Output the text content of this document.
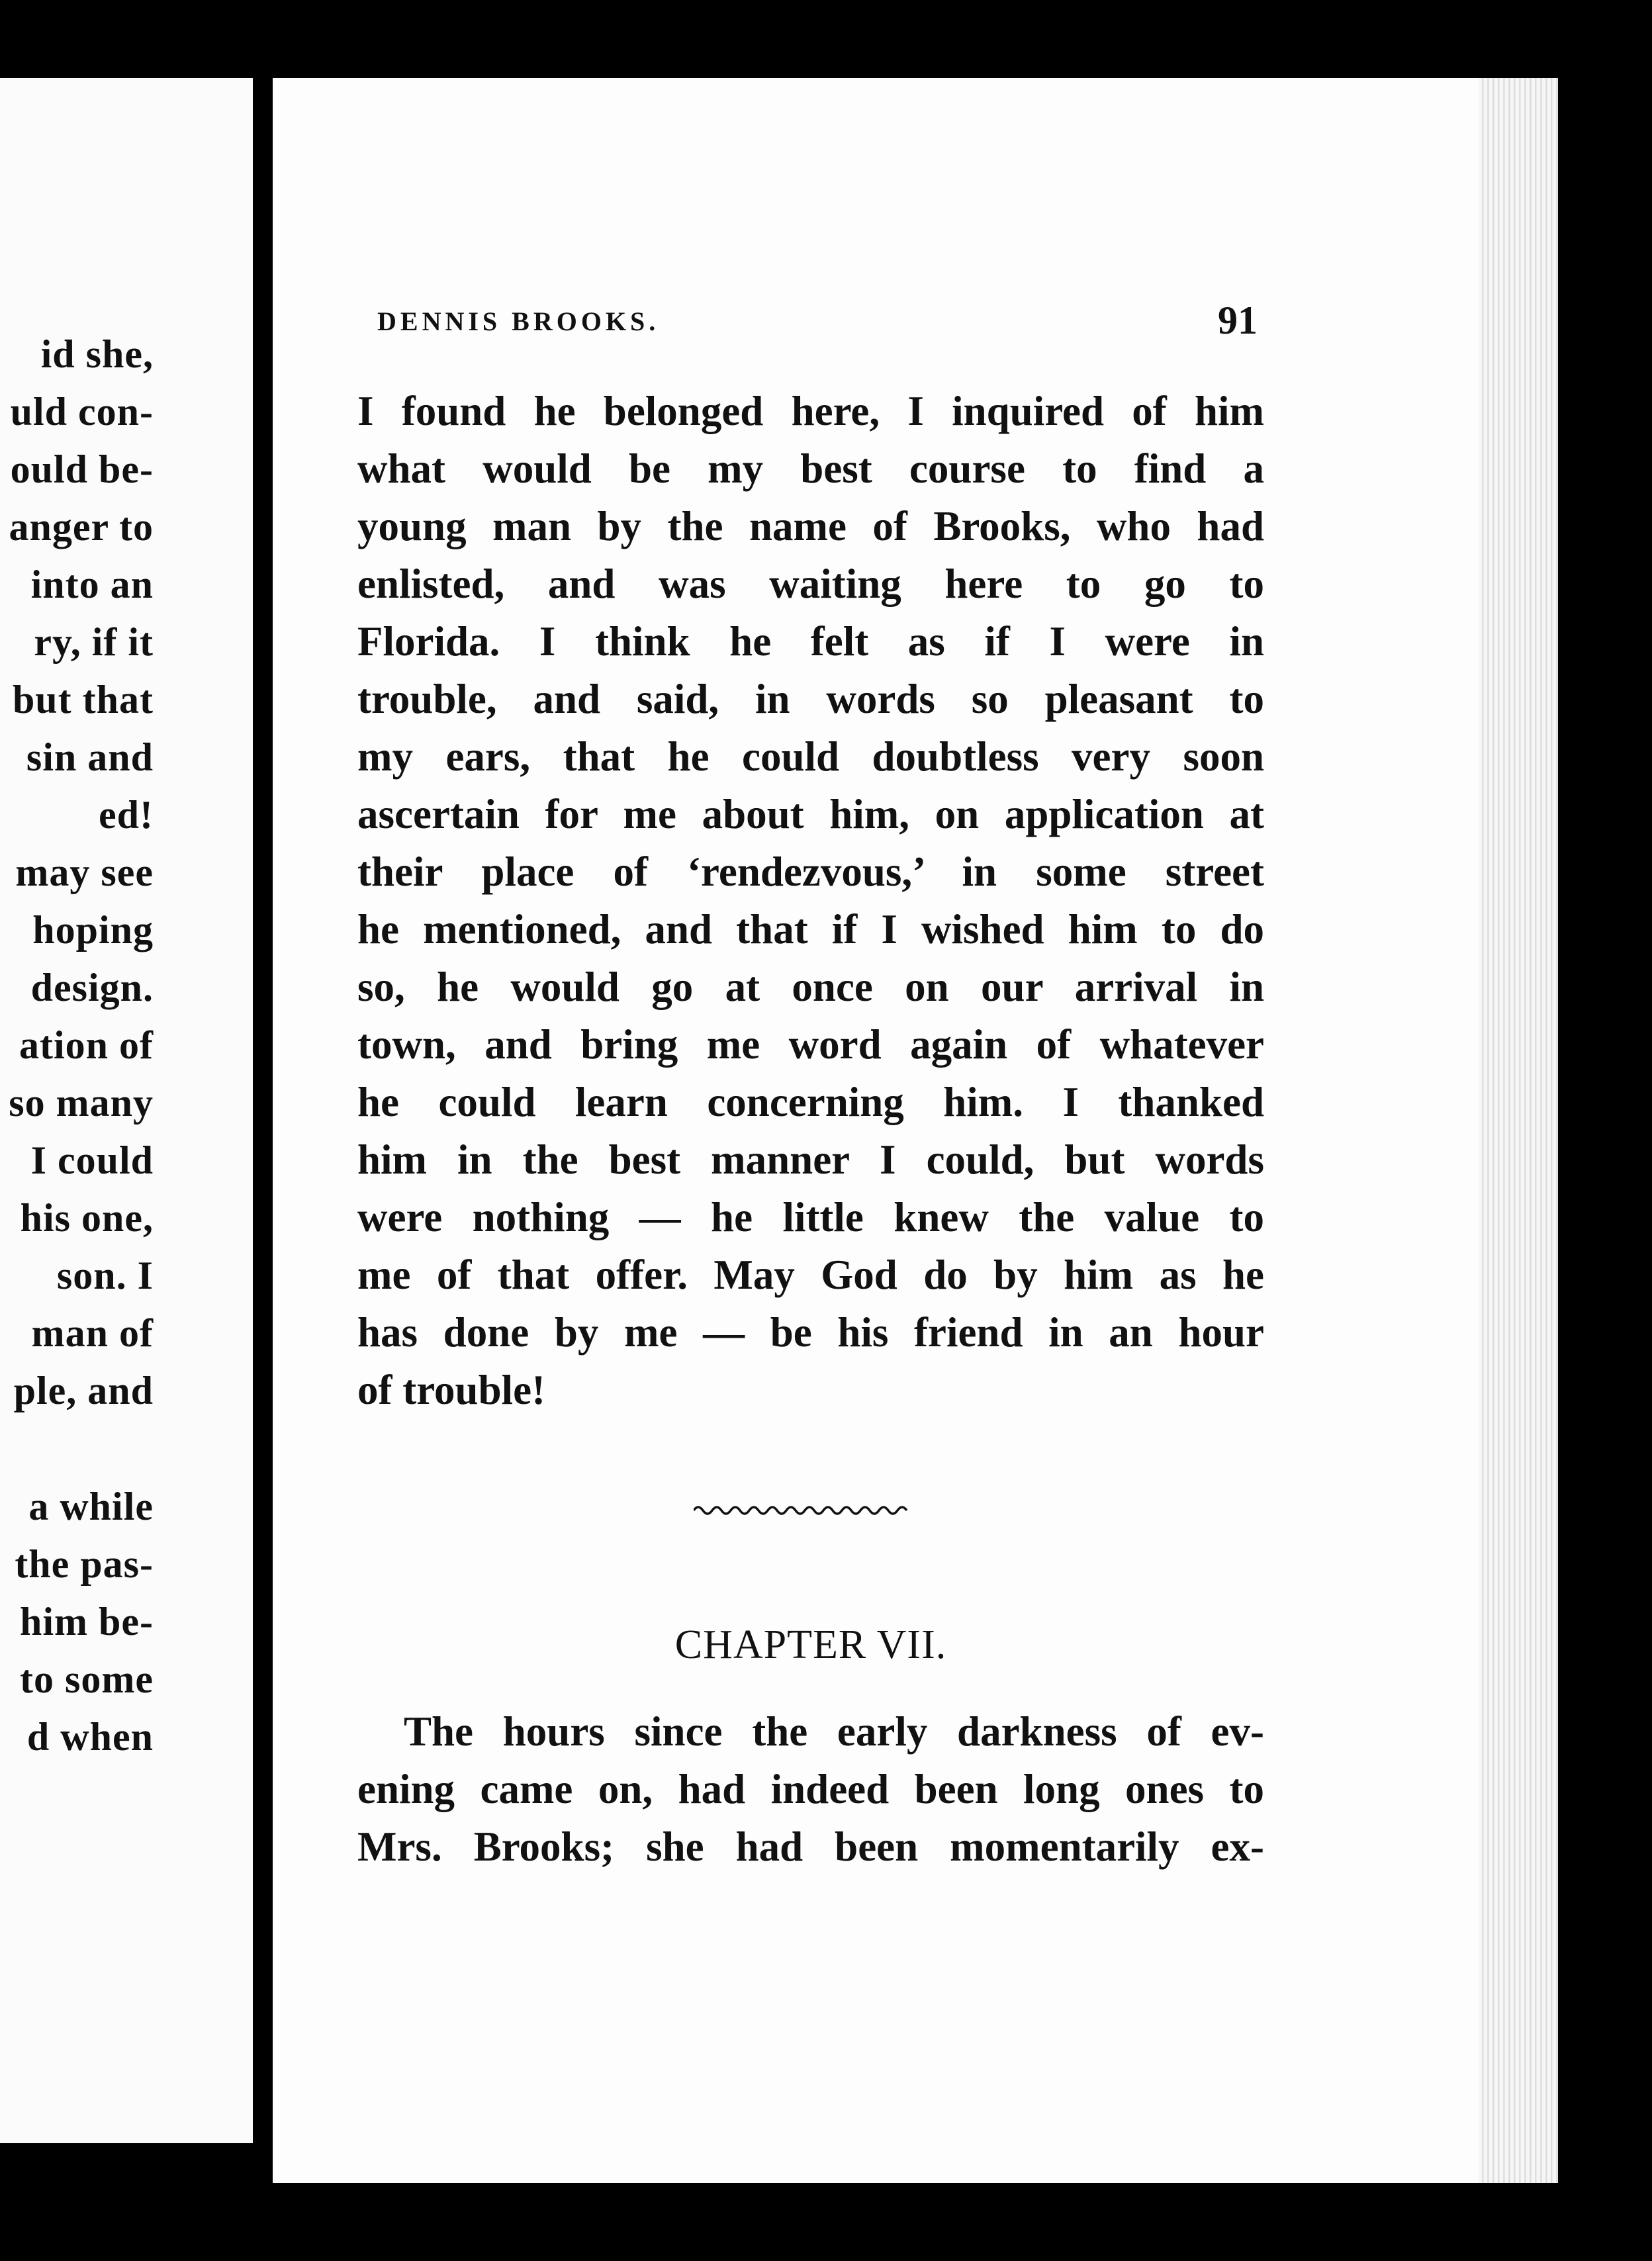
id she,
uld con-
ould be-
anger to
into an
ry, if it
but that
sin and
ed!
may see
hoping
design.
ation of
so many
I could
his one,
son. I
man of
ple, and
a while
the pas-
him be-
to some
d when
DENNIS BROOKS.	91
I found he belonged here, I inquired of him
what would be my best course to find a
young man by the name of Brooks, who had
enlisted, and was waiting here to go to
Florida. I think he felt as if I were in
trouble, and said, in words so pleasant to
my ears, that he could doubtless very soon
ascertain for me about him, on application at
their place of ‘rendezvous,’ in some street
he mentioned, and that if I wished him to do
so, he would go at once on our arrival in
town, and bring me word again of whatever
he could learn concerning him. I thanked
him in the best manner I could, but words
were nothing — he little knew the value to
me of that offer. May God do by him as he
has done by me — be his friend in an hour
of trouble!
The hours since the early darkness of ev-
ening came on, had indeed been long ones to
Mrs. Brooks; she had been momentarily ex-
CHAPTER VII.
